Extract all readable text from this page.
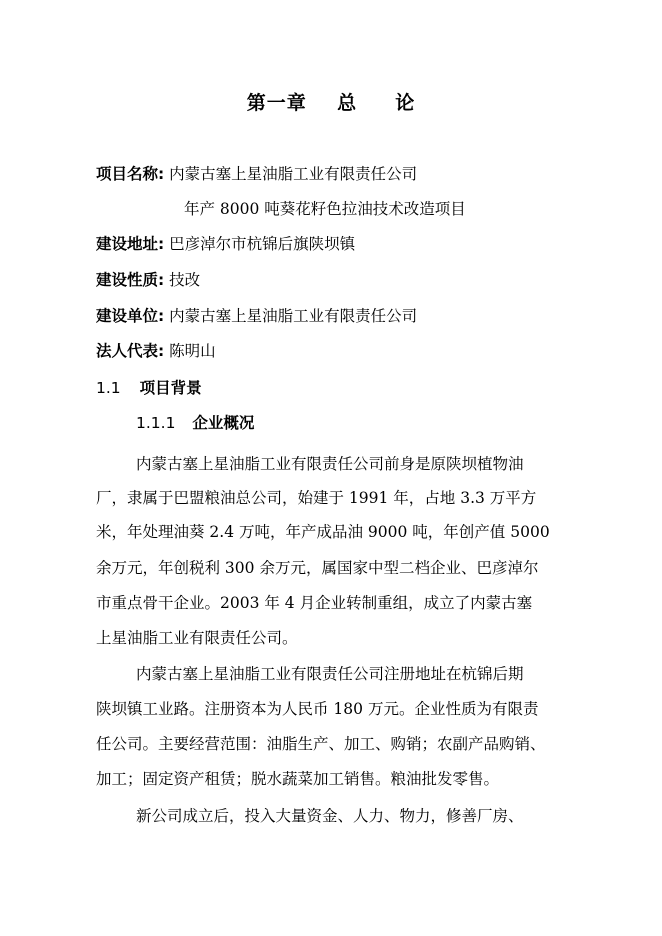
第一章    总     论
项目名称: 内蒙古塞上星油脂工业有限责任公司
年产 8000 吨葵花籽色拉油技术改造项目
建设地址: 巴彦淖尔市杭锦后旗陕坝镇
建设性质: 技改
建设单位: 内蒙古塞上星油脂工业有限责任公司
法人代表: 陈明山
1.1 项目背景
1.1.1 企业概况
内蒙古塞上星油脂工业有限责任公司前身是原陕坝植物油
厂，隶属于巴盟粮油总公司，始建于 1991 年，占地 3.3 万平方
米，年处理油葵 2.4 万吨，年产成品油 9000 吨，年创产值 5000
余万元，年创税利 300 余万元，属国家中型二档企业、巴彦淖尔
市重点骨干企业。2003 年 4 月企业转制重组，成立了内蒙古塞
上星油脂工业有限责任公司。
内蒙古塞上星油脂工业有限责任公司注册地址在杭锦后期
陕坝镇工业路。注册资本为人民币 180 万元。企业性质为有限责
任公司。主要经营范围：油脂生产、加工、购销；农副产品购销、
加工；固定资产租赁；脱水蔬菜加工销售。粮油批发零售。
新公司成立后，投入大量资金、人力、物力，修善厂房、
